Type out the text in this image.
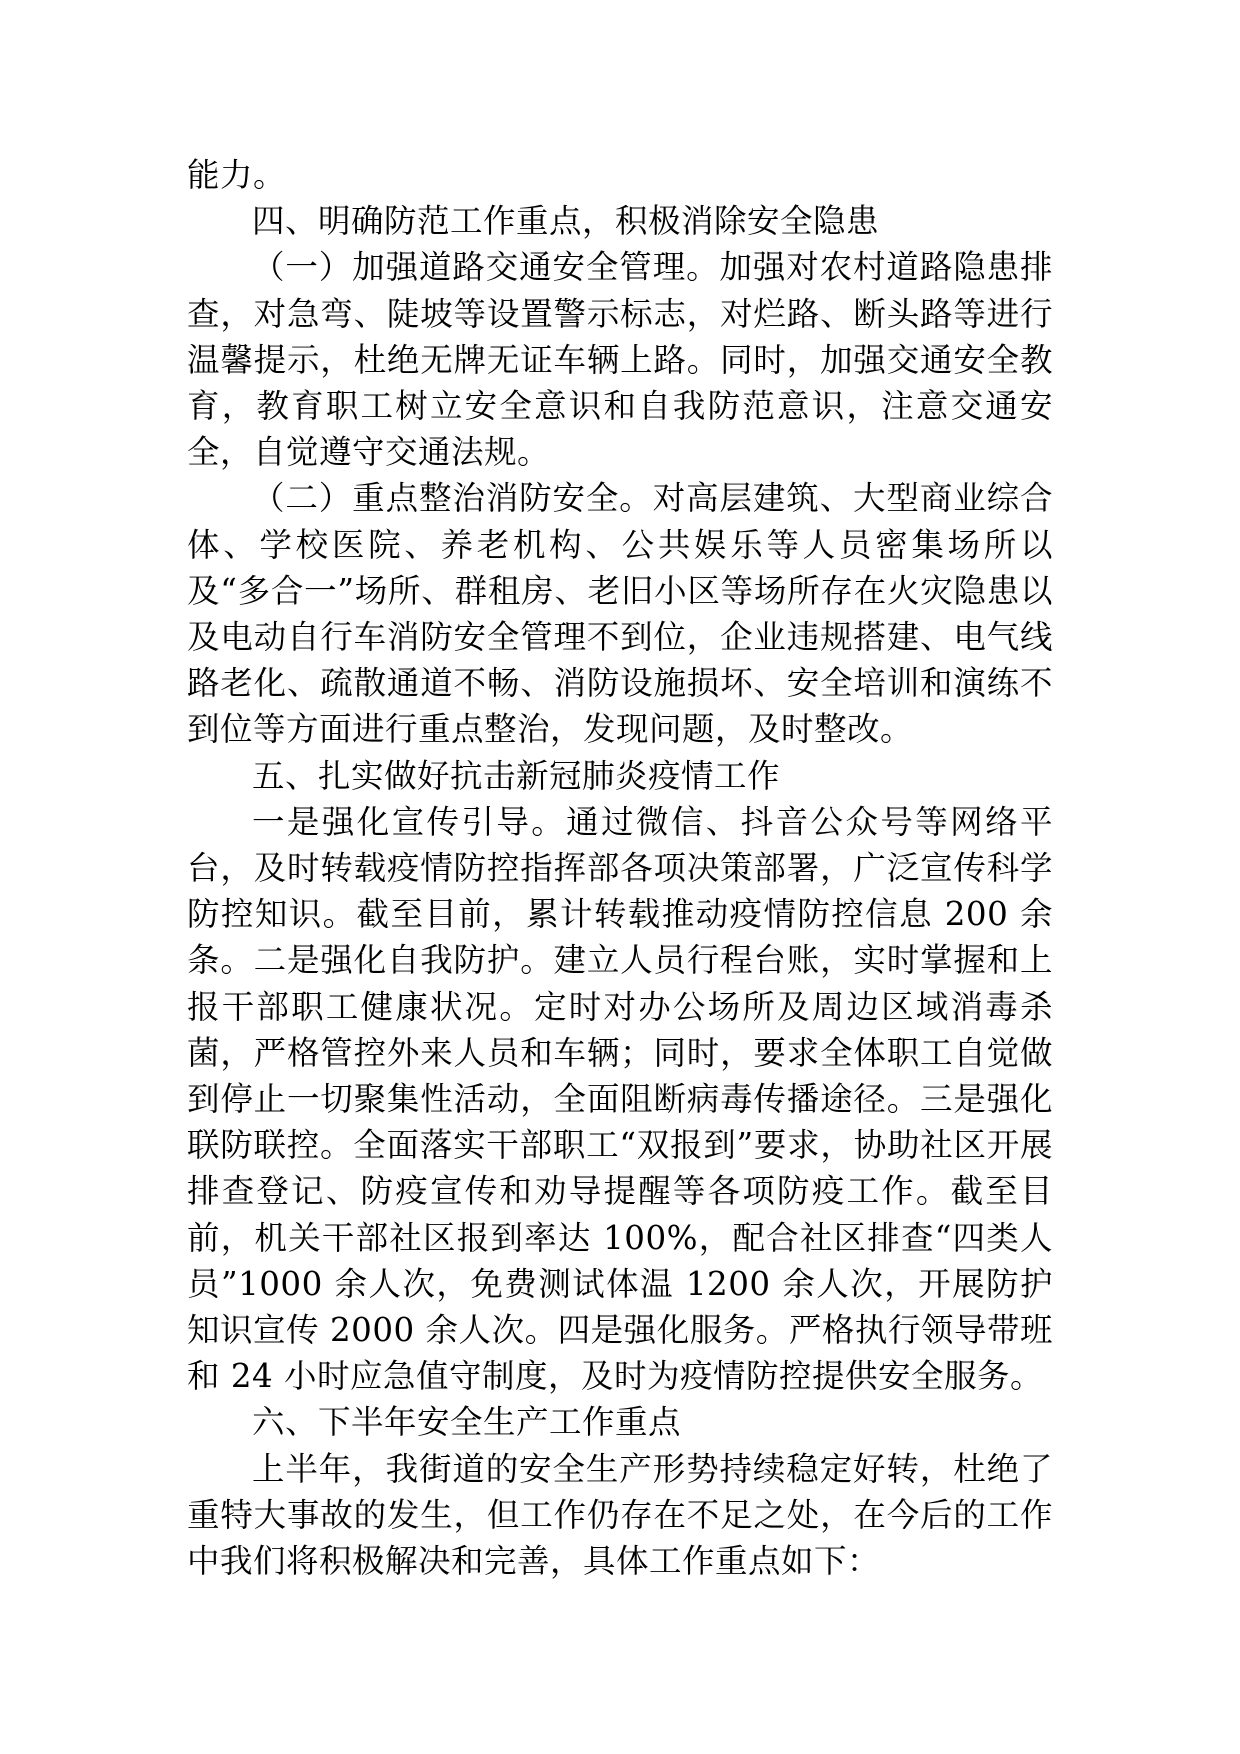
能力。

四、明确防范工作重点，积极消除安全隐患

（一）加强道路交通安全管理。加强对农村道路隐患排查，对急弯、陡坡等设置警示标志，对烂路、断头路等进行温馨提示，杜绝无牌无证车辆上路。同时，加强交通安全教育，教育职工树立安全意识和自我防范意识，注意交通安全，自觉遵守交通法规。

（二）重点整治消防安全。对高层建筑、大型商业综合体、学校医院、养老机构、公共娱乐等人员密集场所以及“多合一”场所、群租房、老旧小区等场所存在火灾隐患以及电动自行车消防安全管理不到位，企业违规搭建、电气线路老化、疏散通道不畅、消防设施损坏、安全培训和演练不到位等方面进行重点整治，发现问题，及时整改。

五、扎实做好抗击新冠肺炎疫情工作

一是强化宣传引导。通过微信、抖音公众号等网络平台，及时转载疫情防控指挥部各项决策部署，广泛宣传科学防控知识。截至目前，累计转载推动疫情防控信息 200 余条。二是强化自我防护。建立人员行程台账，实时掌握和上报干部职工健康状况。定时对办公场所及周边区域消毒杀菌，严格管控外来人员和车辆；同时，要求全体职工自觉做到停止一切聚集性活动，全面阻断病毒传播途径。三是强化联防联控。全面落实干部职工“双报到”要求，协助社区开展排查登记、防疫宣传和劝导提醒等各项防疫工作。截至目前，机关干部社区报到率达 100%，配合社区排查“四类人员”1000 余人次，免费测试体温 1200 余人次，开展防护知识宣传 2000 余人次。四是强化服务。严格执行领导带班和 24 小时应急值守制度，及时为疫情防控提供安全服务。

六、下半年安全生产工作重点

上半年，我街道的安全生产形势持续稳定好转，杜绝了重特大事故的发生，但工作仍存在不足之处，在今后的工作中我们将积极解决和完善，具体工作重点如下：
